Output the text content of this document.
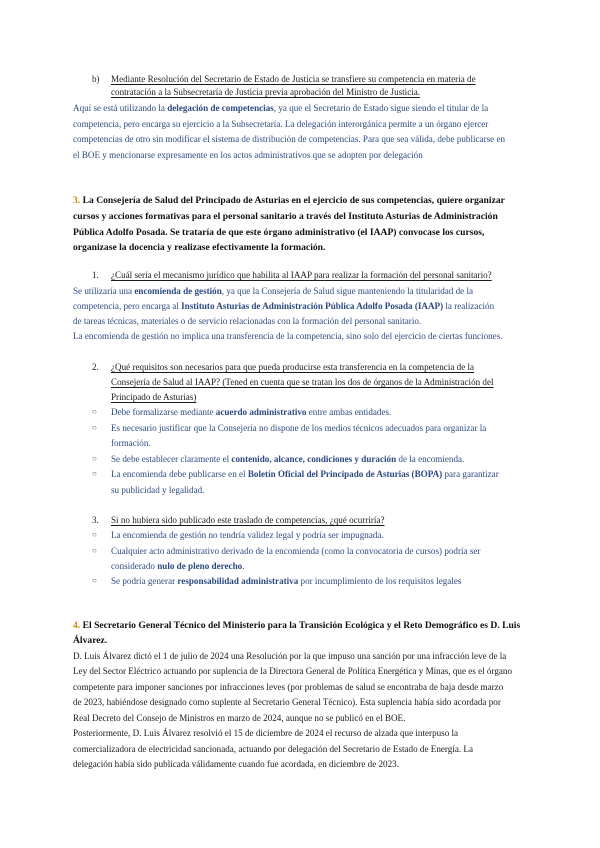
b) Mediante Resolución del Secretario de Estado de Justicia se transfiere su competencia en materia de
contratación a la Subsecretaría de Justicia previa aprobación del Ministro de Justicia.
Aquí se está utilizando la delegación de competencias, ya que el Secretario de Estado sigue siendo el titular de la
competencia, pero encarga su ejercicio a la Subsecretaría. La delegación interorgánica permite a un órgano ejercer
competencias de otro sin modificar el sistema de distribución de competencias. Para que sea válida, debe publicarse en
el BOE y mencionarse expresamente en los actos administrativos que se adopten por delegación
3. La Consejería de Salud del Principado de Asturias en el ejercicio de sus competencias, quiere organizar
cursos y acciones formativas para el personal sanitario a través del Instituto Asturias de Administración
Pública Adolfo Posada. Se trataría de que este órgano administrativo (el IAAP) convocase los cursos,
organizase la docencia y realizase efectivamente la formación.
1. ¿Cuál sería el mecanismo jurídico que habilita al IAAP para realizar la formación del personal sanitario?
Se utilizaría una encomienda de gestión, ya que la Consejería de Salud sigue manteniendo la titularidad de la
competencia, pero encarga al Instituto Asturias de Administración Pública Adolfo Posada (IAAP) la realización
de tareas técnicas, materiales o de servicio relacionadas con la formación del personal sanitario.
La encomienda de gestión no implica una transferencia de la competencia, sino solo del ejercicio de ciertas funciones.
2. ¿Qué requisitos son necesarios para que pueda producirse esta transferencia en la competencia de la
Consejería de Salud al IAAP? (Tened en cuenta que se tratan los dos de órganos de la Administración del
Principado de Asturias)
○ Debe formalizarse mediante acuerdo administrativo entre ambas entidades.
○ Es necesario justificar que la Consejería no dispone de los medios técnicos adecuados para organizar la
formación.
○ Se debe establecer claramente el contenido, alcance, condiciones y duración de la encomienda.
○ La encomienda debe publicarse en el Boletín Oficial del Principado de Asturias (BOPA) para garantizar
su publicidad y legalidad.
3. Si no hubiera sido publicado este traslado de competencias, ¿qué ocurriría?
○ La encomienda de gestión no tendría validez legal y podría ser impugnada.
○ Cualquier acto administrativo derivado de la encomienda (como la convocatoria de cursos) podría ser
considerado nulo de pleno derecho.
○ Se podría generar responsabilidad administrativa por incumplimiento de los requisitos legales
4. El Secretario General Técnico del Ministerio para la Transición Ecológica y el Reto Demográfico es D. Luis
Álvarez.
D. Luis Álvarez dictó el 1 de julio de 2024 una Resolución por la que impuso una sanción por una infracción leve de la
Ley del Sector Eléctrico actuando por suplencia de la Directora General de Política Energética y Minas, que es el órgano
competente para imponer sanciones por infracciones leves (por problemas de salud se encontraba de baja desde marzo
de 2023, habiéndose designado como suplente al Secretario General Técnico). Esta suplencia había sido acordada por
Real Decreto del Consejo de Ministros en marzo de 2024, aunque no se publicó en el BOE.
Posteriormente, D. Luis Álvarez resolvió el 15 de diciembre de 2024 el recurso de alzada que interpuso la
comercializadora de electricidad sancionada, actuando por delegación del Secretario de Estado de Energía. La
delegación había sido publicada válidamente cuando fue acordada, en diciembre de 2023.
